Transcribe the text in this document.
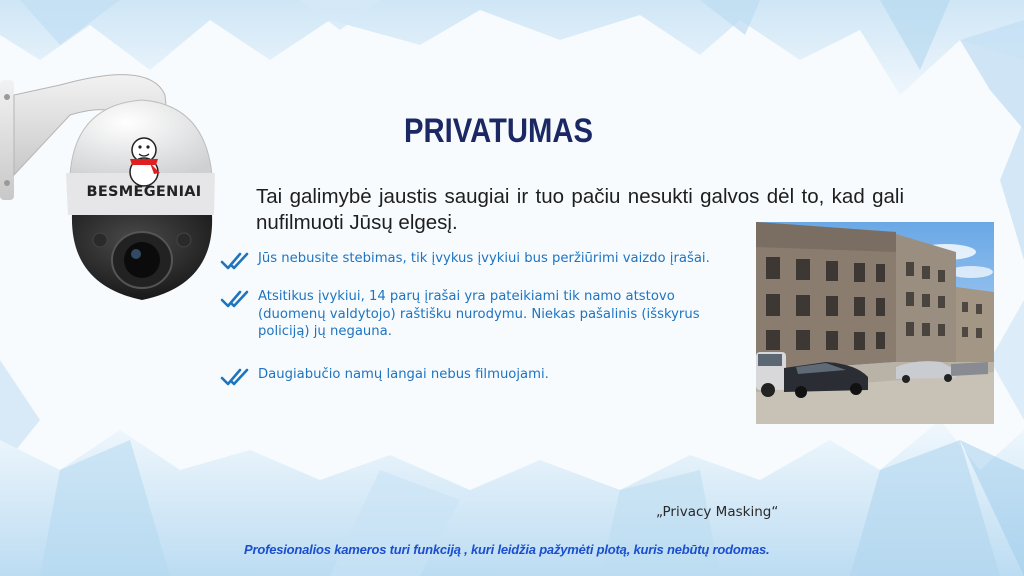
BESMEGENIAI
PRIVATUMAS
Tai galimybė jaustis saugiai ir tuo pačiu nesukti galvos dėl to, kad gali nufilmuoti Jūsų elgesį.
Jūs nebusite stebimas, tik įvykus įvykiui bus peržiūrimi vaizdo įrašai.
Atsitikus įvykiui, 14 parų įrašai yra pateikiami tik namo atstovo (duomenų valdytojo) raštišku nurodymu. Niekas pašalinis (išskyrus policiją) jų negauna.
Daugiabučio namų langai nebus filmuojami.
„Privacy Masking“
Profesionalios kameros turi funkciją , kuri leidžia pažymėti plotą, kuris nebūtų rodomas.
